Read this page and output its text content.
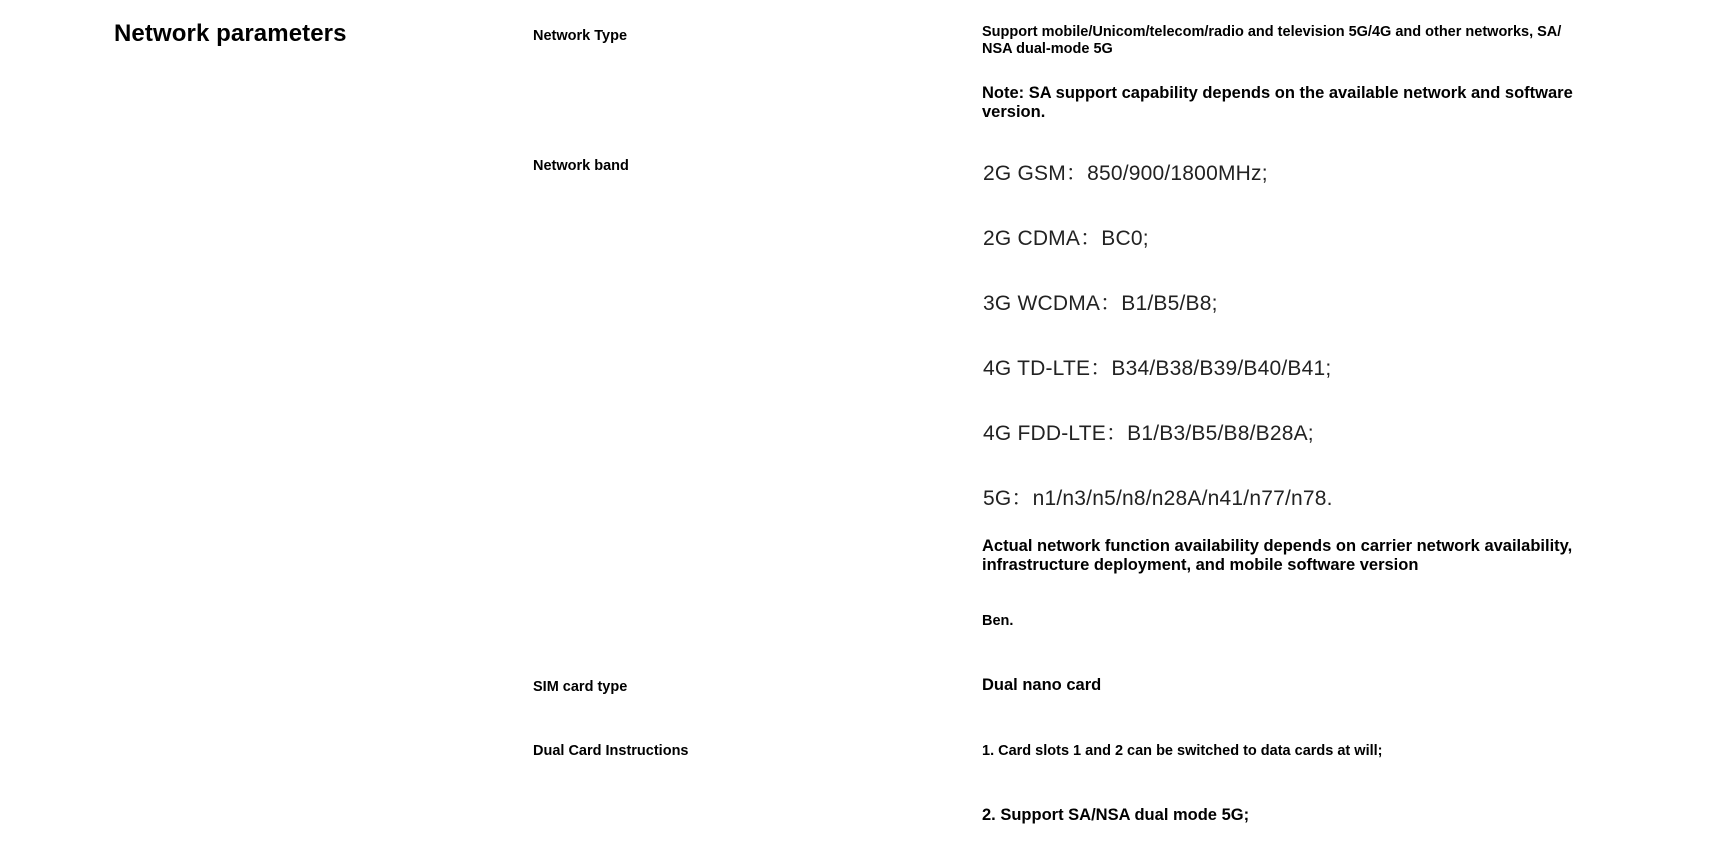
Network parameters	Network Type	Support mobile/Unicom/telecom/radio and television 5G/4G and other networks, SA/ NSA dual-mode 5G
Note: SA support capability depends on the available network and software version.
Network band	2G GSM：850/900/1800MHz;
2G CDMA：BC0;
3G WCDMA：B1/B5/B8;
4G TD-LTE：B34/B38/B39/B40/B41;
4G FDD-LTE：B1/B3/B5/B8/B28A;
5G：n1/n3/n5/n8/n28A/n41/n77/n78.
Actual network function availability depends on carrier network availability, infrastructure deployment, and mobile software version
Ben.
SIM card type	Dual nano card
Dual Card Instructions	1. Card slots 1 and 2 can be switched to data cards at will;
2. Support SA/NSA dual mode 5G;
